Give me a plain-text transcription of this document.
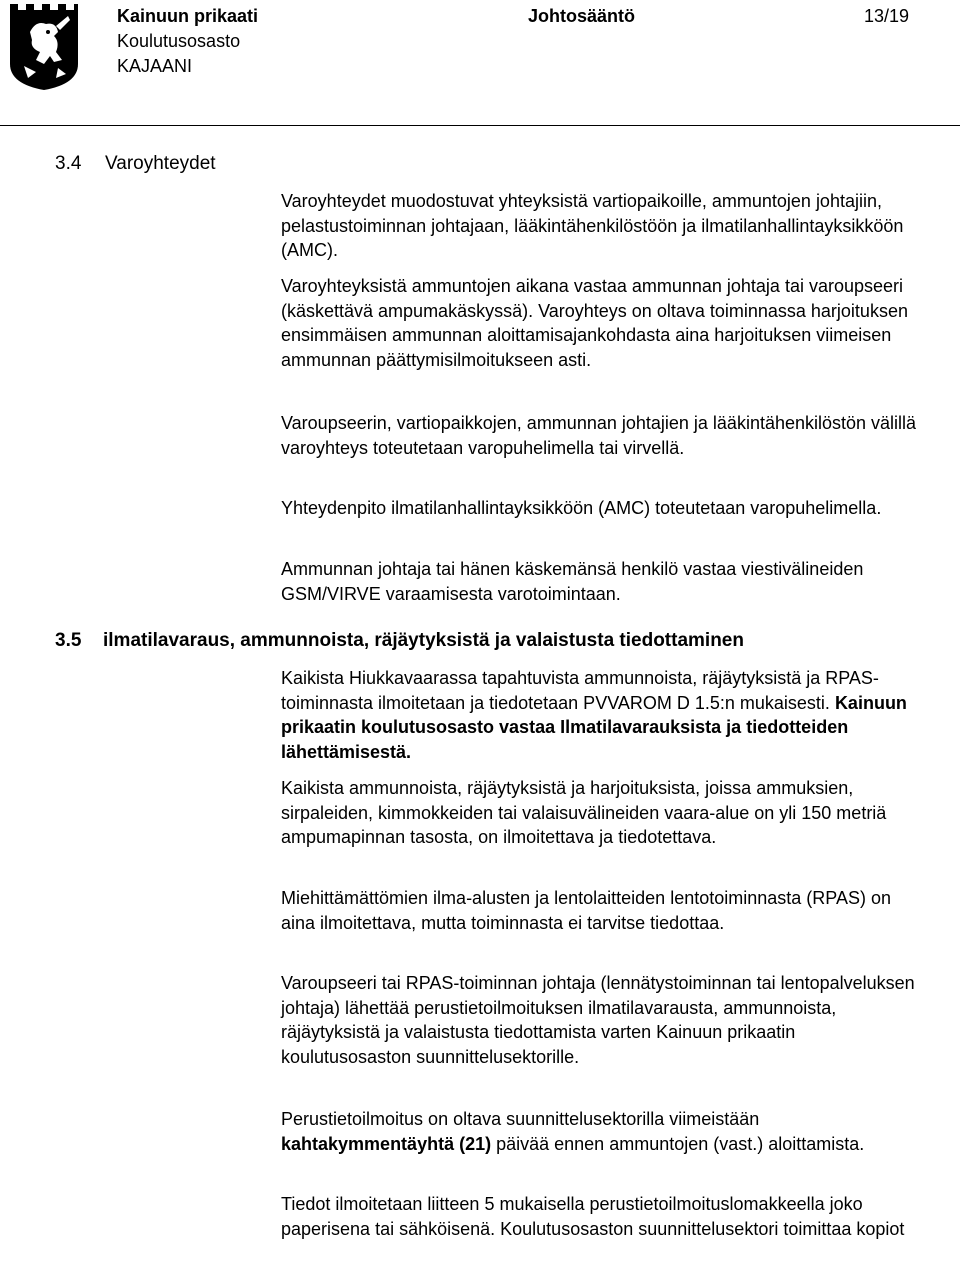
Kainuun prikaati
Koulutusosasto
KAJAANI
Johtosääntö	13/19
3.4 Varoyhteydet

Varoyhteydet muodostuvat yhteyksistä vartiopaikoille, ammuntojen johtajiin, pelastustoiminnan johtajaan, lääkintähenkilöstöön ja ilmatilanhallintayksikköön (AMC).

Varoyhteyksistä ammuntojen aikana vastaa ammunnan johtaja tai varoupseeri (käskettävä ampumakäskyssä). Varoyhteys on oltava toiminnassa harjoituksen ensimmäisen ammunnan aloittamisajankohdasta aina harjoituksen viimeisen ammunnan päättymisilmoitukseen asti.

Varoupseerin, vartiopaikkojen, ammunnan johtajien ja lääkintähenkilöstön välillä varoyhteys toteutetaan varopuhelimella tai virvellä.

Yhteydenpito ilmatilanhallintayksikköön (AMC) toteutetaan varopuhelimella.

Ammunnan johtaja tai hänen käskemänsä henkilö vastaa viestivälineiden GSM/VIRVE varaamisesta varotoimintaan.

3.5 ilmatilavaraus, ammunnoista, räjäytyksistä ja valaistusta tiedottaminen

Kaikista Hiukkavaarassa tapahtuvista ammunnoista, räjäytyksistä ja RPAS-toiminnasta ilmoitetaan ja tiedotetaan PVVAROM D 1.5:n mukaisesti. Kainuun prikaatin koulutusosasto vastaa Ilmatilavarauksista ja tiedotteiden lähettämisestä.

Kaikista ammunnoista, räjäytyksistä ja harjoituksista, joissa ammuksien, sirpaleiden, kimmokkeiden tai valaisuvälineiden vaara-alue on yli 150 metriä ampumapinnan tasosta, on ilmoitettava ja tiedotettava.

Miehittämättömien ilma-alusten ja lentolaitteiden lentotoiminnasta (RPAS) on aina ilmoitettava, mutta toiminnasta ei tarvitse tiedottaa.

Varoupseeri tai RPAS-toiminnan johtaja (lennätystoiminnan tai lentopalveluksen johtaja) lähettää perustietoilmoituksen ilmatilavarausta, ammunnoista, räjäytyksistä ja valaistusta tiedottamista varten Kainuun prikaatin koulutusosaston suunnittelusektorille.

Perustietoilmoitus on oltava suunnittelusektorilla viimeistään kahtakymmentäyhtä (21) päivää ennen ammuntojen (vast.) aloittamista.

Tiedot ilmoitetaan liitteen 5 mukaisella perustietoilmoituslomakkeella joko paperisena tai sähköisenä. Koulutusosaston suunnittelusektori toimittaa kopiot
